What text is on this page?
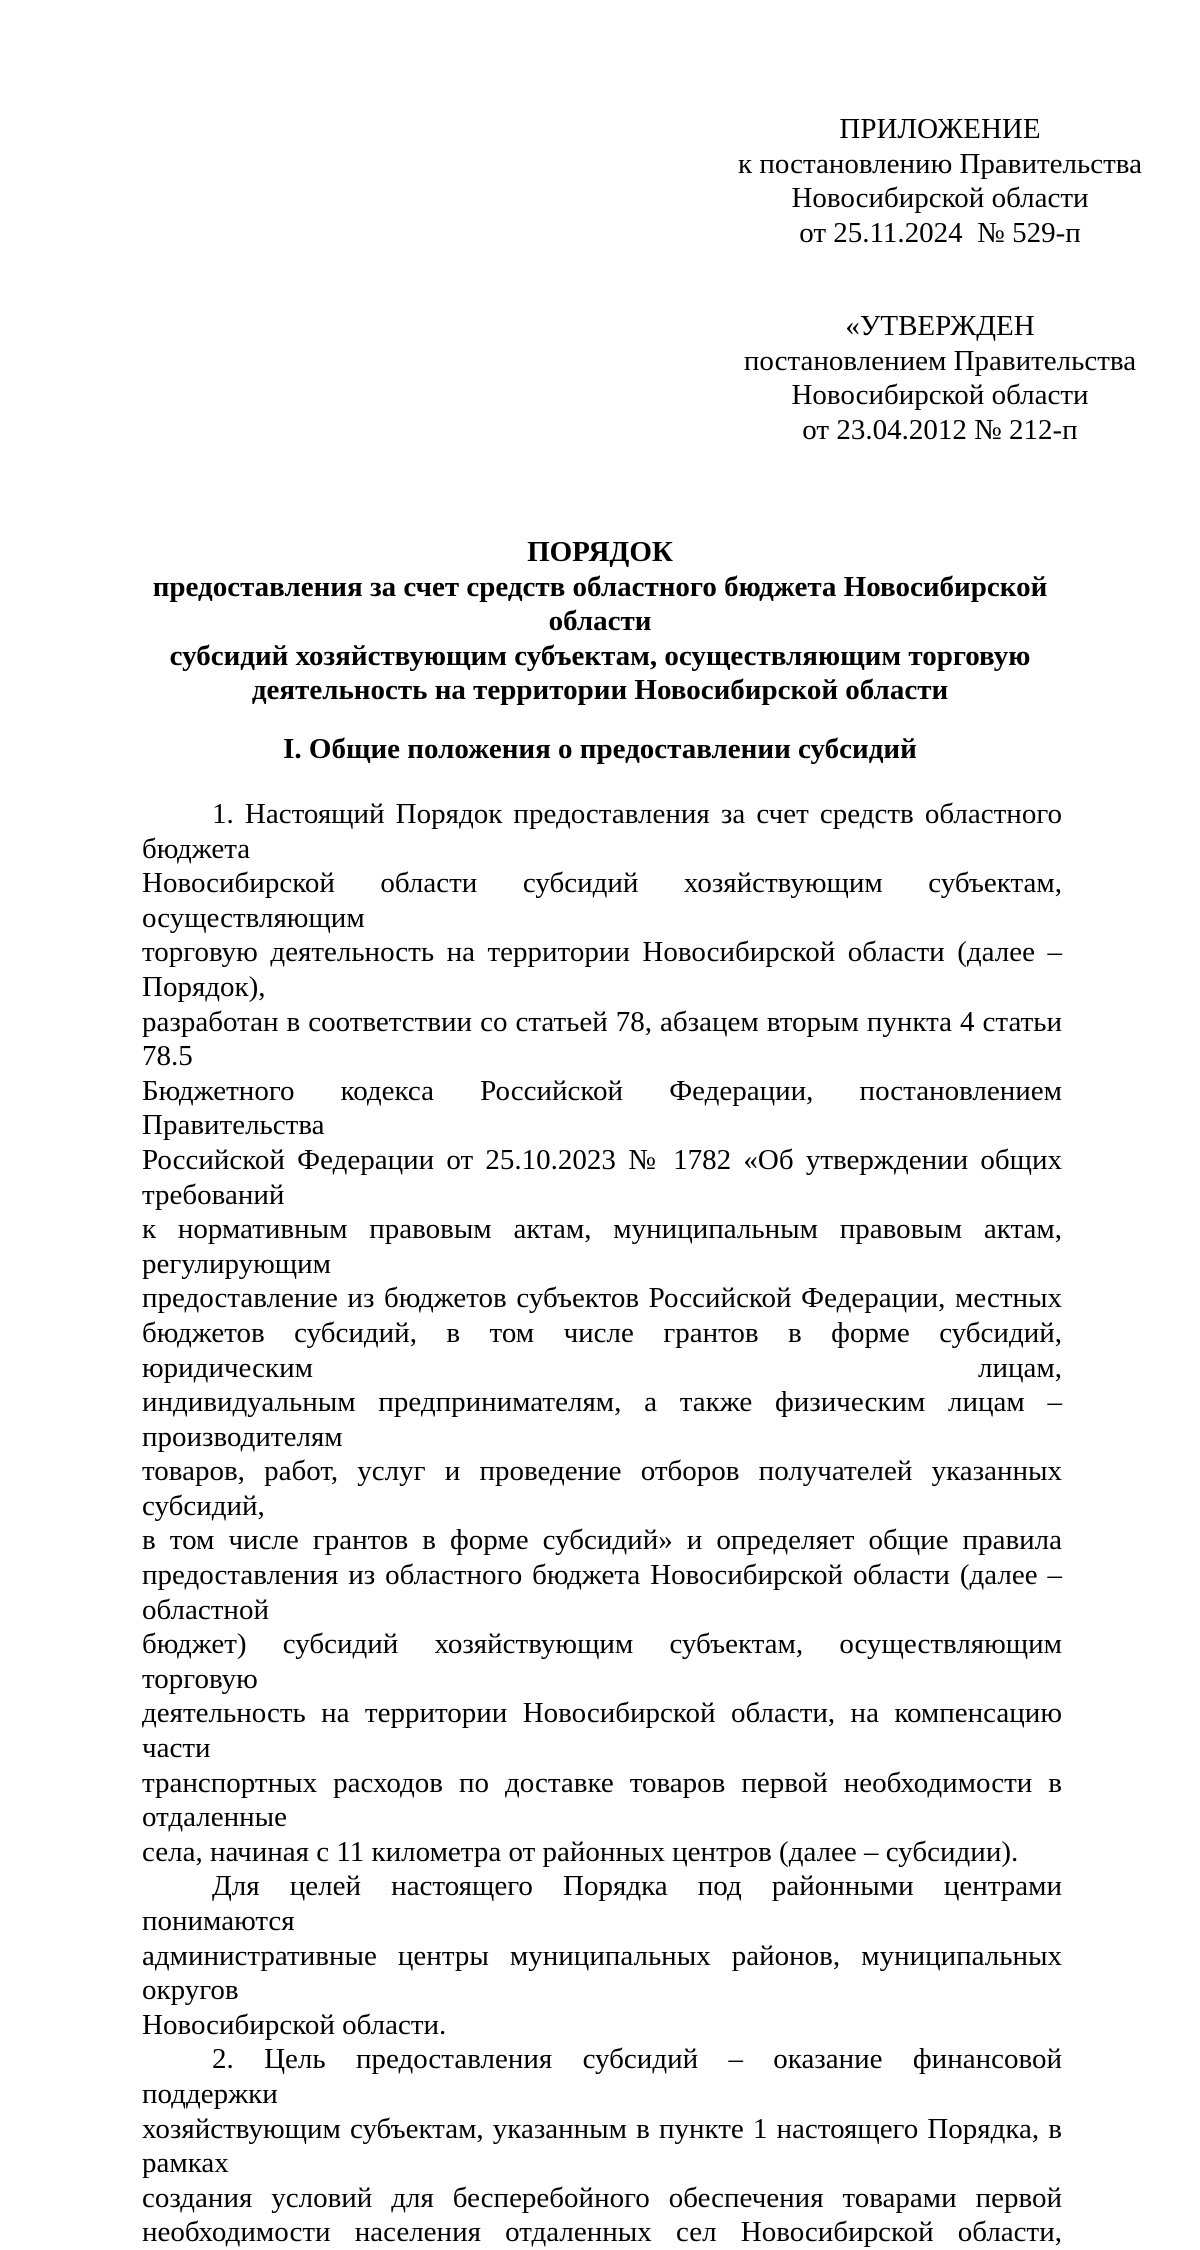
ПРИЛОЖЕНИЕ
к постановлению Правительства
Новосибирской области
от 25.11.2024  № 529-п
«УТВЕРЖДЕН
постановлением Правительства
Новосибирской области
от 23.04.2012 № 212-п
ПОРЯДОК
предоставления за счет средств областного бюджета Новосибирской области
субсидий хозяйствующим субъектам, осуществляющим торговую
деятельность на территории Новосибирской области
I. Общие положения о предоставлении субсидий

1. Настоящий Порядок предоставления за счет средств областного бюджета
Новосибирской области субсидий хозяйствующим субъектам, осуществляющим
торговую деятельность на территории Новосибирской области (далее – Порядок),
разработан в соответствии со статьей 78, абзацем вторым пункта 4 статьи 78.5
Бюджетного кодекса Российской Федерации, постановлением Правительства
Российской Федерации от 25.10.2023 № 1782 «Об утверждении общих требований
к нормативным правовым актам, муниципальным правовым актам, регулирующим
предоставление из бюджетов субъектов Российской Федерации, местных
бюджетов субсидий, в том числе грантов в форме субсидий, юридическим лицам,
индивидуальным предпринимателям, а также физическим лицам – производителям
товаров, работ, услуг и проведение отборов получателей указанных субсидий,
в том числе грантов в форме субсидий» и определяет общие правила
предоставления из областного бюджета Новосибирской области (далее – областной
бюджет) субсидий хозяйствующим субъектам, осуществляющим торговую
деятельность на территории Новосибирской области, на компенсацию части
транспортных расходов по доставке товаров первой необходимости в отдаленные
села, начиная с 11 километра от районных центров (далее – субсидии).

Для целей настоящего Порядка под районными центрами понимаются
административные центры муниципальных районов, муниципальных округов
Новосибирской области.

2. Цель предоставления субсидий – оказание финансовой поддержки
хозяйствующим субъектам, указанным в пункте 1 настоящего Порядка, в рамках
создания условий для бесперебойного обеспечения товарами первой
необходимости населения отдаленных сел Новосибирской области,
